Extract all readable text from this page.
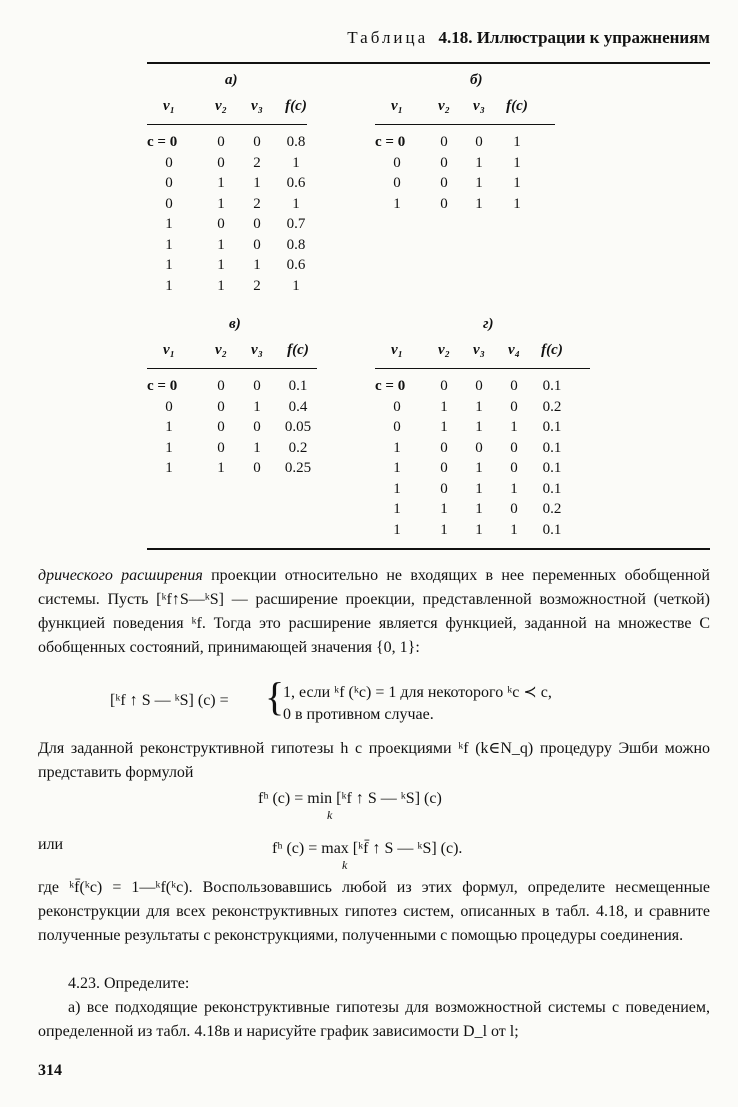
Таблица 4.18. Иллюстрации к упражнениям
а)
v₁	v₂	v₃	f(c)
c = 0	0	0	0.8
0	0	2	1
0	1	1	0.6
0	1	2	1
1	0	0	0.7
1	1	0	0.8
1	1	1	0.6
1	1	2	1
б)
v₁	v₂	v₃	f(c)
c = 0	0	0	1
0	0	1	1
0	0	1	1
1	0	1	1
в)
v₁	v₂	v₃	f(c)
c = 0	0	0	0.1
0	0	1	0.4
1	0	0	0.05
1	0	1	0.2
1	1	0	0.25
г)
v₁	v₂	v₃	v₄	f(c)
c = 0	0	0	0	0.1
0	1	1	0	0.2
0	1	1	1	0.1
1	0	0	0	0.1
1	0	1	0	0.1
1	0	1	1	0.1
1	1	1	0	0.2
1	1	1	1	0.1

дрического расширения проекции относительно не входящих в нее переменных обобщенной системы. Пусть [ᵏf↑S—ᵏS] — расширение проекции, представленной возможностной (четкой) функцией поведения ᵏf. Тогда это расширение является функцией, заданной на множестве C обобщенных состояний, принимающей значения {0, 1}:

[ᵏf ↑ S — ᵏS] (c) = {
1, если ᵏf (ᵏc) = 1 для некоторого ᵏc ≺ c,
0 в противном случае.

Для заданной реконструктивной гипотезы h с проекциями ᵏf (k∈N_q) процедуру Эшби можно представить формулой

fʰ (c) = min [ᵏf ↑ S — ᵏS] (c)
k
или	fʰ (c) = max [ᵏf̄ ↑ S — ᵏS] (c).
k

где ᵏf̄(ᵏc) = 1—ᵏf(ᵏc). Воспользовавшись любой из этих формул, определите несмещенные реконструкции для всех реконструктивных гипотез систем, описанных в табл. 4.18, и сравните полученные результаты с реконструкциями, полученными с помощью процедуры соединения.

4.23. Определите:

а) все подходящие реконструктивные гипотезы для возможностной системы с поведением, определенной из табл. 4.18в и нарисуйте график зависимости D_l от l;

314
